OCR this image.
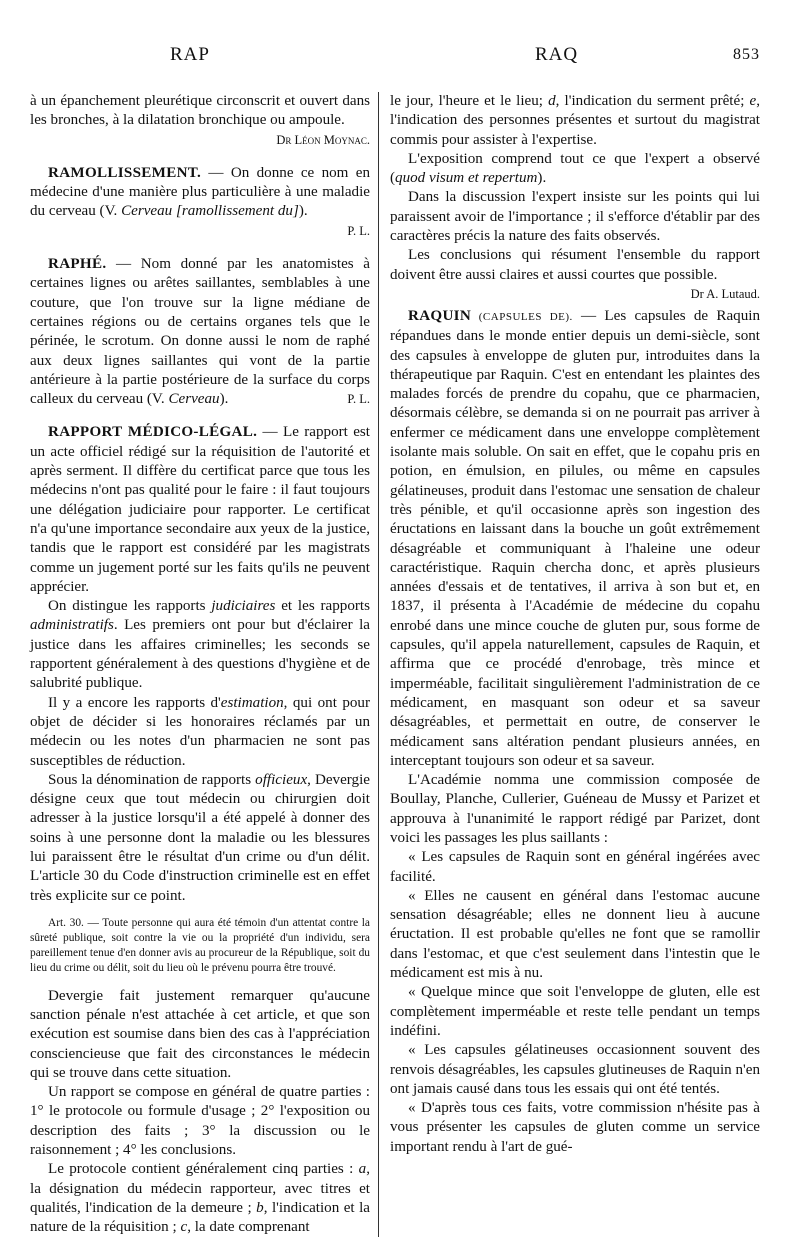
RAP	RAQ	853

à un épanchement pleurétique circonscrit et ouvert dans les bronches, à la dilatation bronchique ou ampoule.

Dr Léon Moynac.

RAMOLLISSEMENT. — On donne ce nom en médecine d'une manière plus particulière à une maladie du cerveau (V. Cerveau [ramollissement du]).

P. L.

RAPHÉ. — Nom donné par les anatomistes à certaines lignes ou arêtes saillantes, semblables à une couture, que l'on trouve sur la ligne médiane de certaines régions ou de certains organes tels que le périnée, le scrotum. On donne aussi le nom de raphé aux deux lignes saillantes qui vont de la partie antérieure à la partie postérieure de la surface du corps calleux du cerveau (V. Cerveau).	P. L.

RAPPORT MÉDICO-LÉGAL. — Le rapport est un acte officiel rédigé sur la réquisition de l'autorité et après serment. Il diffère du certificat parce que tous les médecins n'ont pas qualité pour le faire : il faut toujours une délégation judiciaire pour rapporter. Le certificat n'a qu'une importance secondaire aux yeux de la justice, tandis que le rapport est considéré par les magistrats comme un jugement porté sur les faits qu'ils ne peuvent apprécier.

On distingue les rapports judiciaires et les rapports administratifs. Les premiers ont pour but d'éclairer la justice dans les affaires criminelles; les seconds se rapportent généralement à des questions d'hygiène et de salubrité publique.

Il y a encore les rapports d'estimation, qui ont pour objet de décider si les honoraires réclamés par un médecin ou les notes d'un pharmacien ne sont pas susceptibles de réduction.

Sous la dénomination de rapports officieux, Devergie désigne ceux que tout médecin ou chirurgien doit adresser à la justice lorsqu'il a été appelé à donner des soins à une personne dont la maladie ou les blessures lui paraissent être le résultat d'un crime ou d'un délit. L'article 30 du Code d'instruction criminelle est en effet très explicite sur ce point.

Art. 30. — Toute personne qui aura été témoin d'un attentat contre la sûreté publique, soit contre la vie ou la propriété d'un individu, sera pareillement tenue d'en donner avis au procureur de la République, soit du lieu du crime ou délit, soit du lieu où le prévenu pourra être trouvé.

Devergie fait justement remarquer qu'aucune sanction pénale n'est attachée à cet article, et que son exécution est soumise dans bien des cas à l'appréciation consciencieuse que fait des circonstances le médecin qui se trouve dans cette situation.

Un rapport se compose en général de quatre parties : 1° le protocole ou formule d'usage ; 2° l'exposition ou description des faits ; 3° la discussion ou le raisonnement ; 4° les conclusions.

Le protocole contient généralement cinq parties : a, la désignation du médecin rapporteur, avec titres et qualités, l'indication de la demeure ; b, l'indication et la nature de la réquisition ; c, la date comprenant

le jour, l'heure et le lieu; d, l'indication du serment prêté; e, l'indication des personnes présentes et surtout du magistrat commis pour assister à l'expertise.

L'exposition comprend tout ce que l'expert a observé (quod visum et repertum).

Dans la discussion l'expert insiste sur les points qui lui paraissent avoir de l'importance ; il s'efforce d'établir par des caractères précis la nature des faits observés.

Les conclusions qui résument l'ensemble du rapport doivent être aussi claires et aussi courtes que possible.
Dr A. Lutaud.

RAQUIN (CAPSULES DE). — Les capsules de Raquin répandues dans le monde entier depuis un demi-siècle, sont des capsules à enveloppe de gluten pur, introduites dans la thérapeutique par Raquin. C'est en entendant les plaintes des malades forcés de prendre du copahu, que ce pharmacien, désormais célèbre, se demanda si on ne pourrait pas arriver à enfermer ce médicament dans une enveloppe complètement isolante mais soluble. On sait en effet, que le copahu pris en potion, en émulsion, en pilules, ou même en capsules gélatineuses, produit dans l'estomac une sensation de chaleur très pénible, et qu'il occasionne après son ingestion des éructations en laissant dans la bouche un goût extrêmement désagréable et communiquant à l'haleine une odeur caractéristique. Raquin chercha donc, et après plusieurs années d'essais et de tentatives, il arriva à son but et, en 1837, il présenta à l'Académie de médecine du copahu enrobé dans une mince couche de gluten pur, sous forme de capsules, qu'il appela naturellement, capsules de Raquin, et affirma que ce procédé d'enrobage, très mince et imperméable, facilitait singulièrement l'administration de ce médicament, en masquant son odeur et sa saveur désagréables, et permettait en outre, de conserver le médicament sans altération pendant plusieurs années, en interceptant toujours son odeur et sa saveur.

L'Académie nomma une commission composée de Boullay, Planche, Cullerier, Guéneau de Mussy et Parizet et approuva à l'unanimité le rapport rédigé par Parizet, dont voici les passages les plus saillants :

« Les capsules de Raquin sont en général ingérées avec facilité.

« Elles ne causent en général dans l'estomac aucune sensation désagréable; elles ne donnent lieu à aucune éructation. Il est probable qu'elles ne font que se ramollir dans l'estomac, et que c'est seulement dans l'intestin que le médicament est mis à nu.

« Quelque mince que soit l'enveloppe de gluten, elle est complètement imperméable et reste telle pendant un temps indéfini.

« Les capsules gélatineuses occasionnent souvent des renvois désagréables, les capsules glutineuses de Raquin n'en ont jamais causé dans tous les essais qui ont été tentés.

« D'après tous ces faits, votre commission n'hésite pas à vous présenter les capsules de gluten comme un service important rendu à l'art de gué-
